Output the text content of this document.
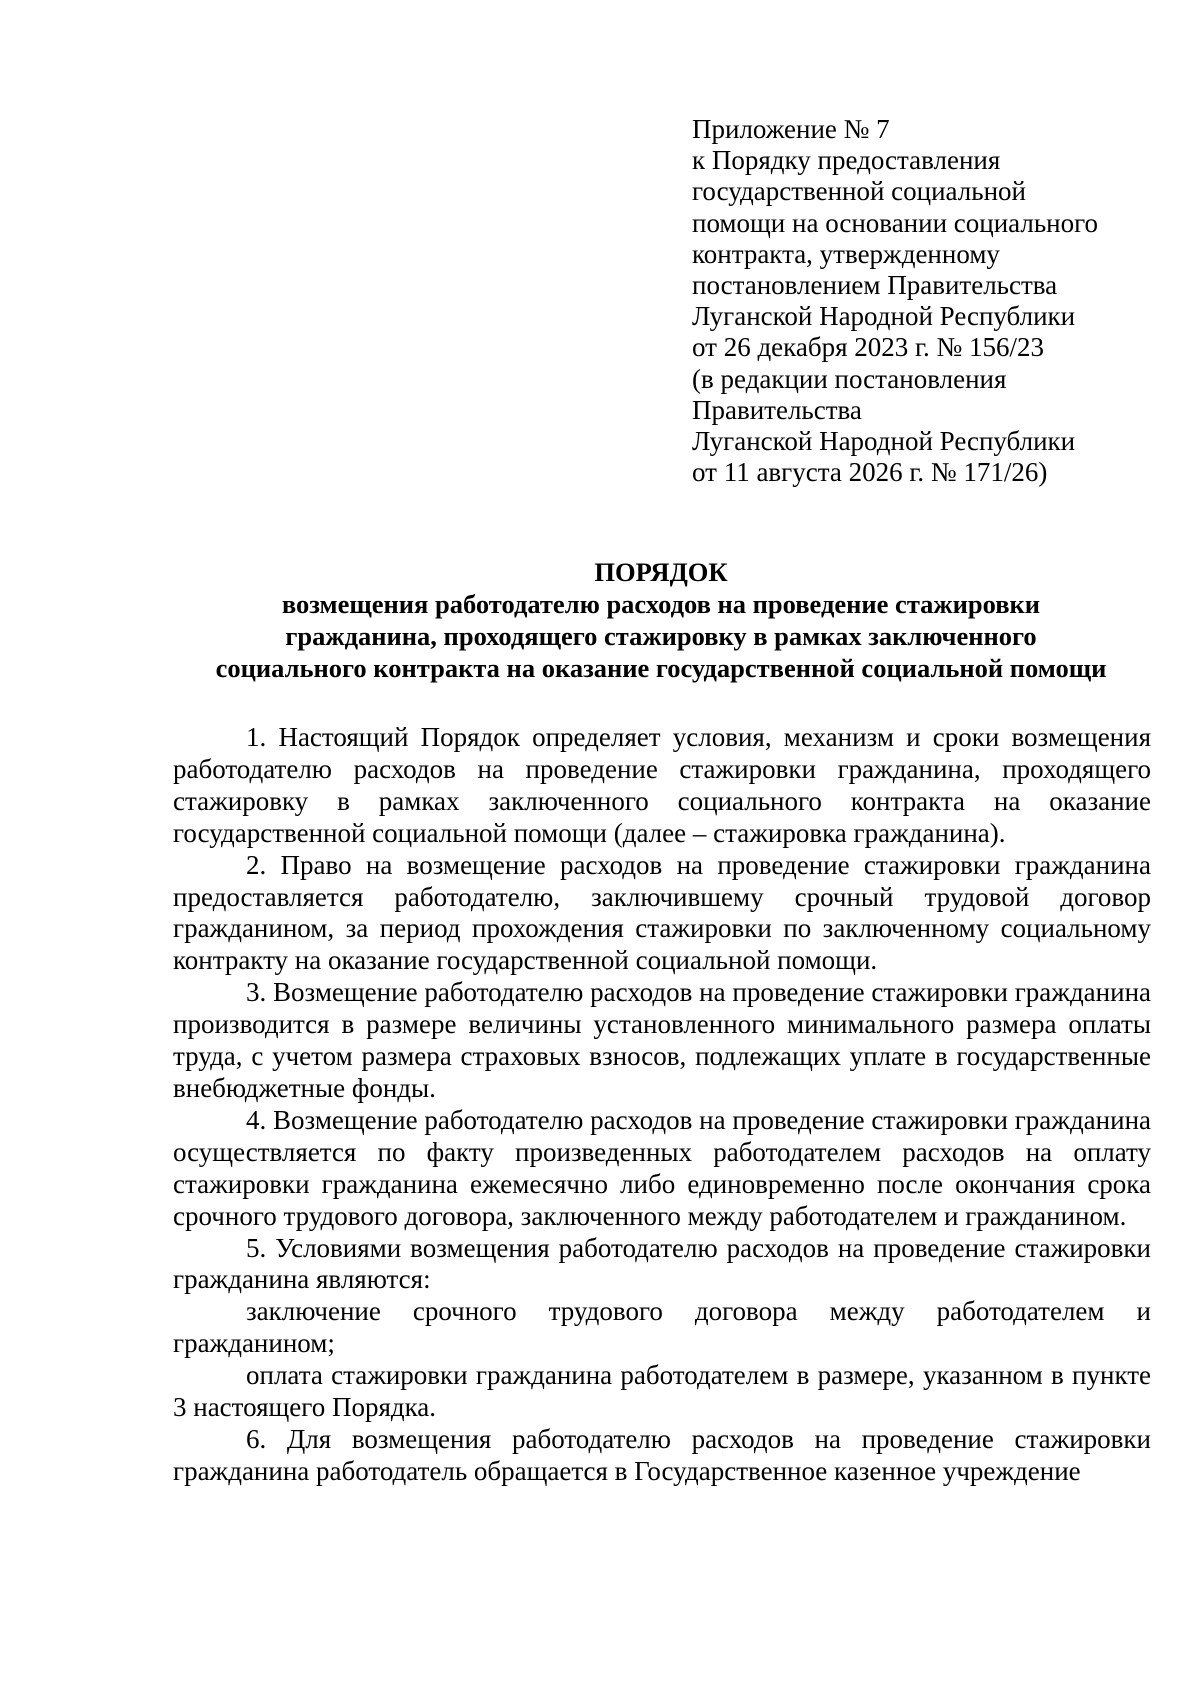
Приложение № 7
к Порядку предоставления
государственной социальной
помощи на основании социального
контракта, утвержденному
постановлением Правительства
Луганской Народной Республики
от 26 декабря 2023 г. № 156/23
(в редакции постановления
Правительства
Луганской Народной Республики
от 11 августа 2026 г. № 171/26)
ПОРЯДОК
возмещения работодателю расходов на проведение стажировки
гражданина, проходящего стажировку в рамках заключенного
социального контракта на оказание государственной социальной помощи

1. Настоящий Порядок определяет условия, механизм и сроки возмещения работодателю расходов на проведение стажировки гражданина, проходящего стажировку в рамках заключенного социального контракта на оказание государственной социальной помощи (далее – стажировка гражданина).

2. Право на возмещение расходов на проведение стажировки гражданина предоставляется работодателю, заключившему срочный трудовой договор гражданином, за период прохождения стажировки по заключенному социальному контракту на оказание государственной социальной помощи.

3. Возмещение работодателю расходов на проведение стажировки гражданина производится в размере величины установленного минимального размера оплаты труда, с учетом размера страховых взносов, подлежащих уплате в государственные внебюджетные фонды.

4. Возмещение работодателю расходов на проведение стажировки гражданина осуществляется по факту произведенных работодателем расходов на оплату стажировки гражданина ежемесячно либо единовременно после окончания срока срочного трудового договора, заключенного между работодателем и гражданином.

5. Условиями возмещения работодателю расходов на проведение стажировки гражданина являются:

заключение срочного трудового договора между работодателем и гражданином;

оплата стажировки гражданина работодателем в размере, указанном в пункте 3 настоящего Порядка.

6. Для возмещения работодателю расходов на проведение стажировки гражданина работодатель обращается в Государственное казенное учреждение
